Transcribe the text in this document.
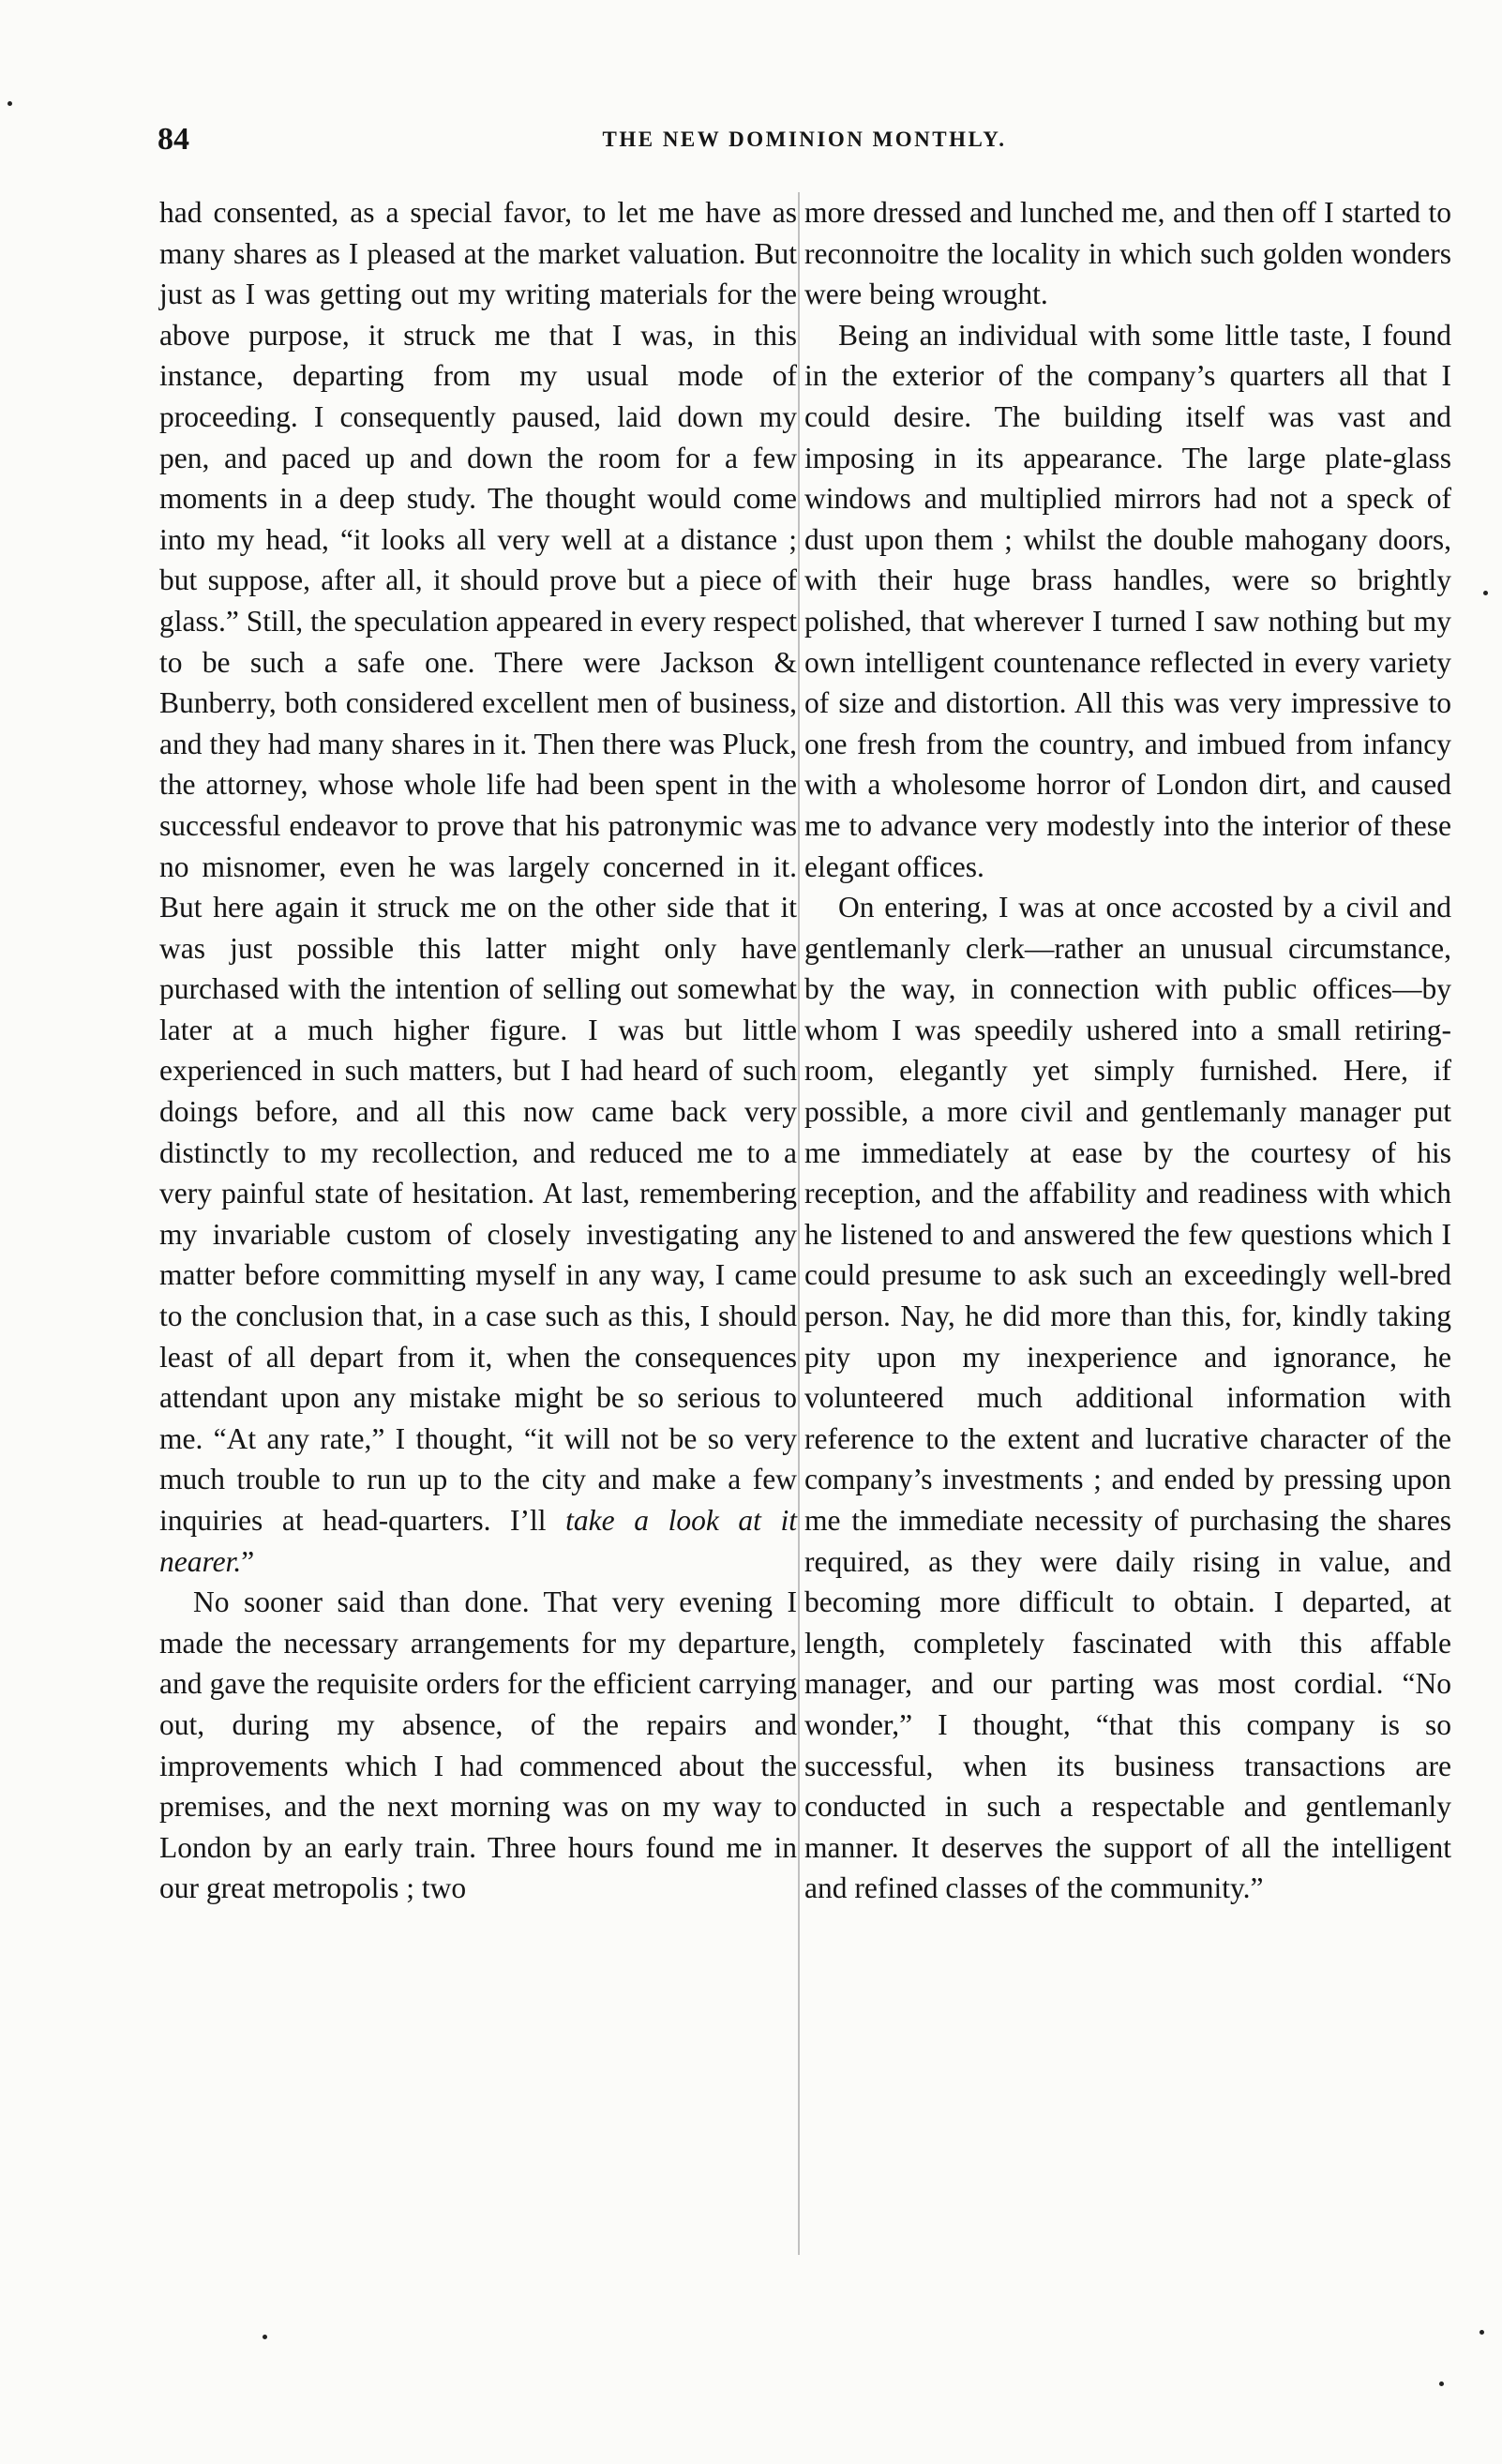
84	THE NEW DOMINION MONTHLY.

had consented, as a special favor, to let me have as many shares as I pleased at the market valuation. But just as I was getting out my writing materials for the above purpose, it struck me that I was, in this instance, departing from my usual mode of proceeding. I consequently paused, laid down my pen, and paced up and down the room for a few moments in a deep study. The thought would come into my head, “it looks all very well at a distance ; but suppose, after all, it should prove but a piece of glass.” Still, the speculation appeared in every respect to be such a safe one. There were Jackson & Bunberry, both considered excellent men of business, and they had many shares in it. Then there was Pluck, the attorney, whose whole life had been spent in the successful endeavor to prove that his patronymic was no misnomer, even he was largely concerned in it. But here again it struck me on the other side that it was just possible this latter might only have purchased with the intention of selling out somewhat later at a much higher figure. I was but little experienced in such matters, but I had heard of such doings before, and all this now came back very distinctly to my recollection, and reduced me to a very painful state of hesitation. At last, remembering my invariable custom of closely investigating any matter before committing myself in any way, I came to the conclusion that, in a case such as this, I should least of all depart from it, when the consequences attendant upon any mistake might be so serious to me. “At any rate,” I thought, “it will not be so very much trouble to run up to the city and make a few inquiries at head-quarters. I’ll take a look at it nearer.”

No sooner said than done. That very evening I made the necessary arrangements for my departure, and gave the requisite orders for the efficient carrying out, during my absence, of the repairs and improvements which I had commenced about the premises, and the next morning was on my way to London by an early train. Three hours found me in our great metropolis ; two

more dressed and lunched me, and then off I started to reconnoitre the locality in which such golden wonders were being wrought.

Being an individual with some little taste, I found in the exterior of the company’s quarters all that I could desire. The building itself was vast and imposing in its appearance. The large plate-glass windows and multiplied mirrors had not a speck of dust upon them ; whilst the double mahogany doors, with their huge brass handles, were so brightly polished, that wherever I turned I saw nothing but my own intelligent countenance reflected in every variety of size and distortion. All this was very impressive to one fresh from the country, and imbued from infancy with a wholesome horror of London dirt, and caused me to advance very modestly into the interior of these elegant offices.

On entering, I was at once accosted by a civil and gentlemanly clerk—rather an unusual circumstance, by the way, in connection with public offices—by whom I was speedily ushered into a small retiring-room, elegantly yet simply furnished. Here, if possible, a more civil and gentlemanly manager put me immediately at ease by the courtesy of his reception, and the affability and readiness with which he listened to and answered the few questions which I could presume to ask such an exceedingly well-bred person. Nay, he did more than this, for, kindly taking pity upon my inexperience and ignorance, he volunteered much additional information with reference to the extent and lucrative character of the company’s investments ; and ended by pressing upon me the immediate necessity of purchasing the shares required, as they were daily rising in value, and becoming more difficult to obtain. I departed, at length, completely fascinated with this affable manager, and our parting was most cordial. “No wonder,” I thought, “that this company is so successful, when its business transactions are conducted in such a respectable and gentlemanly manner. It deserves the support of all the intelligent and refined classes of the community.”
